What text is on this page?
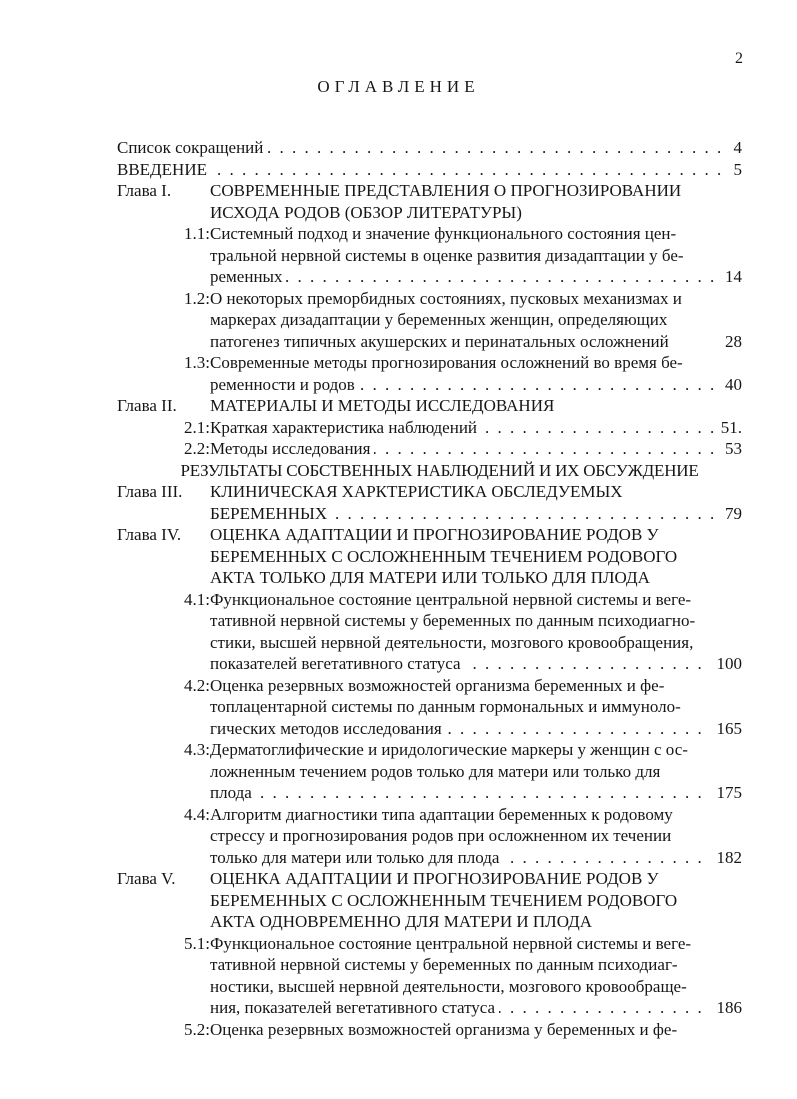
2
ОГЛАВЛЕНИЕ
Список сокращений	4
. . .
ВВЕДЕНИЕ	5
. . .
Глава I. СОВРЕМЕННЫЕ ПРЕДСТАВЛЕНИЯ О ПРОГНОЗИРОВАНИИ
ИСХОДА РОДОВ (ОБЗОР ЛИТЕРАТУРЫ)
1.1: Системный подход и значение функционального состояния цен-
тральной нервной системы в оценке развития дизадаптации у бе-
ременных	14
. . .
1.2: О некоторых преморбидных состояниях, пусковых механизмах и
маркерах дизадаптации у беременных женщин, определяющих
патогенез типичных акушерских и перинатальных осложнений	28
1.3: Современные методы прогнозирования осложнений во время бе-
ременности и родов	40
. . .
Глава II. МАТЕРИАЛЫ И МЕТОДЫ ИССЛЕДОВАНИЯ
2.1: Краткая характеристика наблюдений	51.
. . .
2.2: Методы исследования	53
. . .
РЕЗУЛЬТАТЫ СОБСТВЕННЫХ НАБЛЮДЕНИЙ И ИХ ОБСУЖДЕНИЕ
Глава III. КЛИНИЧЕСКАЯ ХАРКТЕРИСТИКА ОБСЛЕДУЕМЫХ
БЕРЕМЕННЫХ	79
. . .
Глава IV. ОЦЕНКА АДАПТАЦИИ И ПРОГНОЗИРОВАНИЕ РОДОВ У
БЕРЕМЕННЫХ С ОСЛОЖНЕННЫМ ТЕЧЕНИЕМ РОДОВОГО
АКТА ТОЛЬКО ДЛЯ МАТЕРИ ИЛИ ТОЛЬКО ДЛЯ ПЛОДА
4.1: Функциональное состояние центральной нервной системы и веге-
тативной нервной системы у беременных по данным психодиагно-
стики, высшей нервной деятельности, мозгового кровообращения,
показателей вегетативного статуса	100
. . .
4.2: Оценка резервных возможностей организма беременных и фе-
топлацентарной системы по данным гормональных и иммуноло-
гических методов исследования	165
. . .
4.3: Дерматоглифические и иридологические маркеры у женщин с ос-
ложненным течением родов только для матери или только для
плода	175
. . .
4.4: Алгоритм диагностики типа адаптации беременных к родовому
стрессу и прогнозирования родов при осложненном их течении
только для матери или только для плода	182
. . .
Глава V. ОЦЕНКА АДАПТАЦИИ И ПРОГНОЗИРОВАНИЕ РОДОВ У
БЕРЕМЕННЫХ С ОСЛОЖНЕННЫМ ТЕЧЕНИЕМ РОДОВОГО
АКТА ОДНОВРЕМЕННО ДЛЯ МАТЕРИ И ПЛОДА
5.1: Функциональное состояние центральной нервной системы и веге-
тативной нервной системы у беременных по данным психодиаг-
ностики, высшей нервной деятельности, мозгового кровообраще-
ния, показателей вегетативного статуса	186
. . .
5.2: Оценка резервных возможностей организма у беременных и фе-
